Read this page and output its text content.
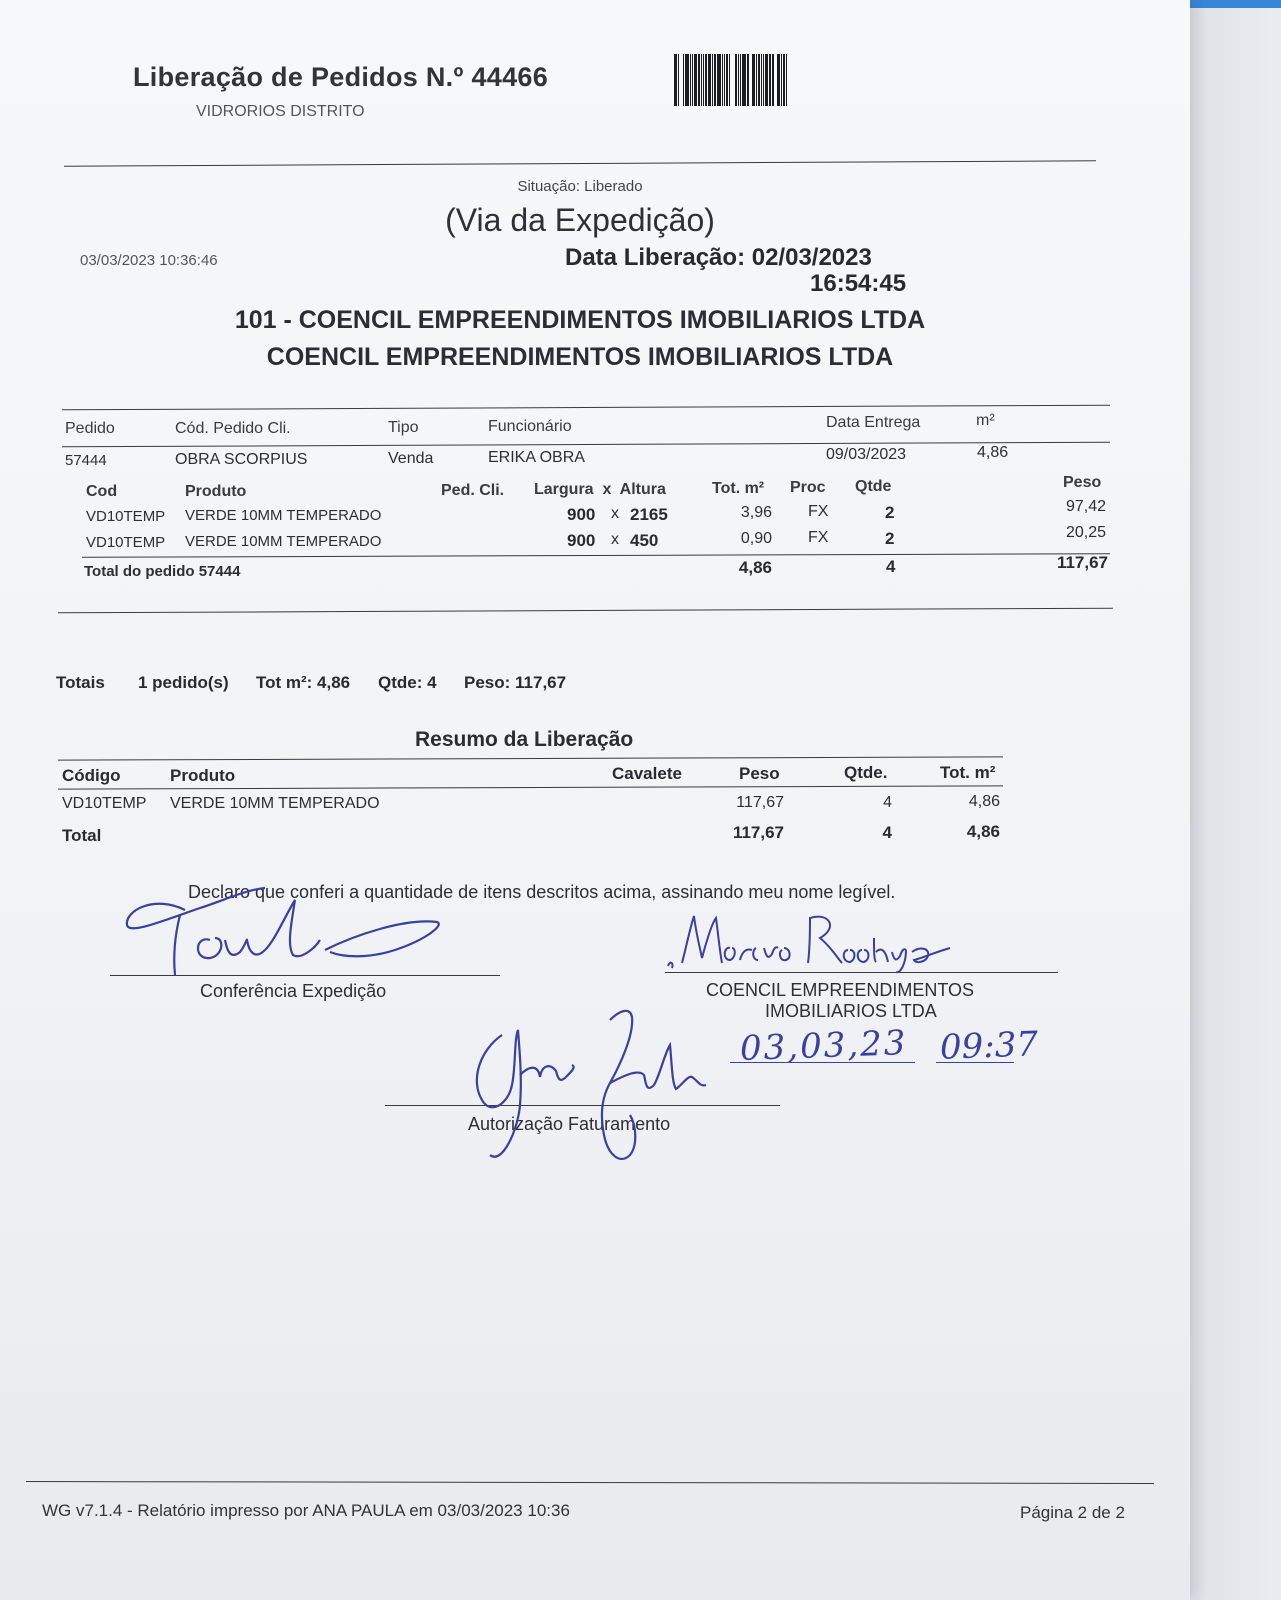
Liberação de Pedidos N.º 44466
VIDRORIOS DISTRITO
Situação: Liberado
(Via da Expedição)
03/03/2023 10:36:46	Data Liberação: 02/03/2023
16:54:45
101 - COENCIL EMPREENDIMENTOS IMOBILIARIOS LTDA
COENCIL EMPREENDIMENTOS IMOBILIARIOS LTDA
Pedido	Cód. Pedido Cli.	Tipo	Funcionário	Data Entrega	m²
57444	OBRA SCORPIUS	Venda	ERIKA OBRA	09/03/2023	4,86
Cod	Produto	Ped. Cli. Largura  x  Altura	Tot. m² Proc Qtde	Peso
VD10TEMP VERDE 10MM TEMPERADO	900 x 2165	3,96 FX	2	97,42
VD10TEMP VERDE 10MM TEMPERADO	900 x 450	0,90 FX	2	20,25
Total do pedido 57444	4,86	4	117,67
Totais 1 pedido(s) Tot m²: 4,86 Qtde: 4 Peso: 117,67
Resumo da Liberação
Código	Produto	Cavalete	Peso	Qtde.	Tot. m²
VD10TEMP VERDE 10MM TEMPERADO	117,67	4	4,86
Total	117,67	4	4,86
Declaro que conferi a quantidade de itens descritos acima, assinando meu nome legível.
Conferência Expedição	COENCIL EMPREENDIMENTOS
IMOBILIARIOS LTDA
Autorização Faturamento
03,03,23 09:37
WG v7.1.4 - Relatório impresso por ANA PAULA em 03/03/2023 10:36	Página 2 de 2
